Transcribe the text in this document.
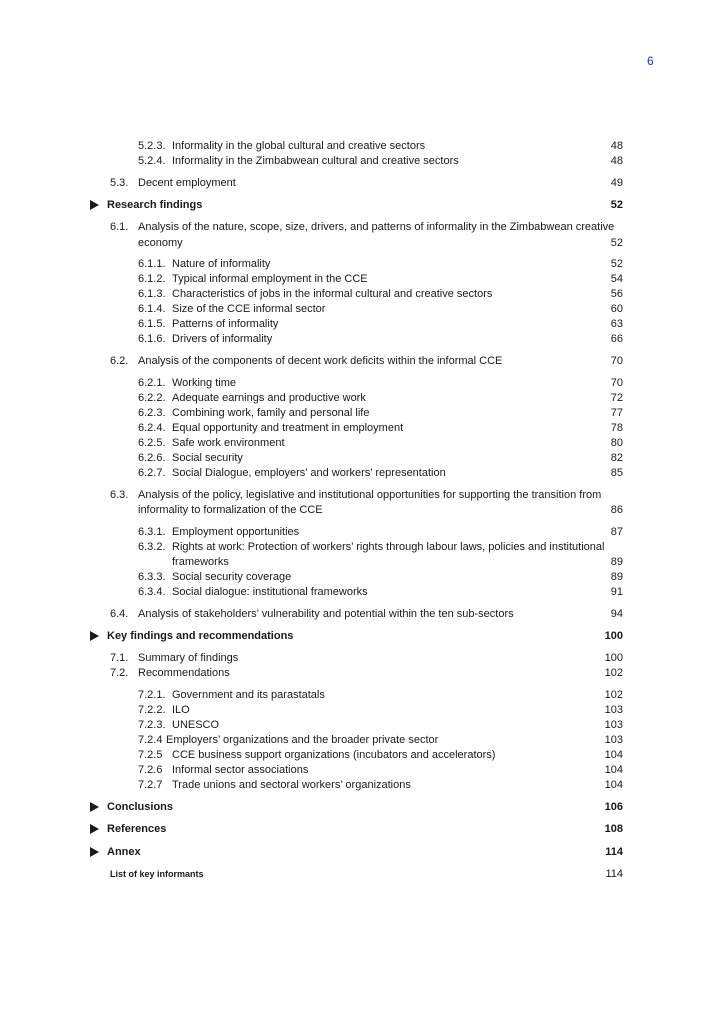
6
5.2.3. Informality in the global cultural and creative sectors	48
5.2.4. Informality in the Zimbabwean cultural and creative sectors	48
5.3. Decent employment	49
Research findings	52
6.1. Analysis of the nature, scope, size, drivers, and patterns of informality in the Zimbabwean creative
economy	52
6.1.1. Nature of informality	52
6.1.2. Typical informal employment in the CCE	54
6.1.3. Characteristics of jobs in the informal cultural and creative sectors	56
6.1.4. Size of the CCE informal sector	60
6.1.5. Patterns of informality	63
6.1.6. Drivers of informality	66
6.2. Analysis of the components of decent work deficits within the informal CCE	70
6.2.1. Working time	70
6.2.2. Adequate earnings and productive work	72
6.2.3. Combining work, family and personal life	77
6.2.4. Equal opportunity and treatment in employment	78
6.2.5. Safe work environment	80
6.2.6. Social security	82
6.2.7. Social Dialogue, employers’ and workers’ representation	85
6.3. Analysis of the policy, legislative and institutional opportunities for supporting the transition from
informality to formalization of the CCE	86
6.3.1. Employment opportunities	87
6.3.2. Rights at work: Protection of workers’ rights through labour laws, policies and institutional
frameworks	89
6.3.3. Social security coverage	89
6.3.4. Social dialogue: institutional frameworks	91
6.4. Analysis of stakeholders’ vulnerability and potential within the ten sub-sectors	94
Key findings and recommendations	100
7.1. Summary of findings	100
7.2. Recommendations	102
7.2.1. Government and its parastatals	102
7.2.2. ILO	103
7.2.3. UNESCO	103
7.2.4 Employers’ organizations and the broader private sector	103
7.2.5 CCE business support organizations (incubators and accelerators)	104
7.2.6 Informal sector associations	104
7.2.7 Trade unions and sectoral workers’ organizations	104
Conclusions	106
References	108
Annex	114
List of key informants	114
